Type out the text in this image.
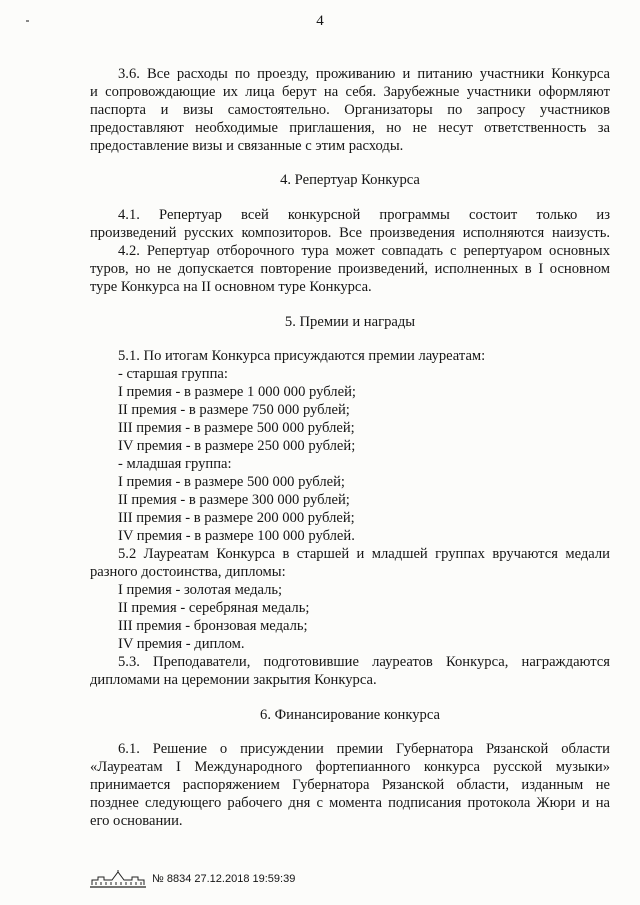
4

3.6. Все расходы по проезду, проживанию и питанию участники Конкурса

и сопровождающие их лица берут на себя. Зарубежные участники оформляют

паспорта и визы самостоятельно. Организаторы по запросу участников

предоставляют необходимые приглашения, но не несут ответственность за

предоставление визы и связанные с этим расходы.

4. Репертуар Конкурса

4.1. Репертуар всей конкурсной программы состоит только из

произведений русских композиторов. Все произведения исполняются наизусть.

4.2. Репертуар отборочного тура может совпадать с репертуаром основных

туров, но не допускается повторение произведений, исполненных в I основном

туре Конкурса на II основном туре Конкурса.

5. Премии и награды

5.1. По итогам Конкурса присуждаются премии лауреатам:

- старшая группа:

I премия - в размере 1 000 000 рублей;

II премия - в размере 750 000 рублей;

III премия - в размере 500 000 рублей;

IV премия - в размере 250 000 рублей;

- младшая группа:

I премия - в размере 500 000 рублей;

II премия - в размере 300 000 рублей;

III премия - в размере 200 000 рублей;

IV премия - в размере 100 000 рублей.

5.2 Лауреатам Конкурса в старшей и младшей группах вручаются медали

разного достоинства, дипломы:

I премия - золотая медаль;

II премия - серебряная медаль;

III премия - бронзовая медаль;

IV премия - диплом.

5.3. Преподаватели, подготовившие лауреатов Конкурса, награждаются

дипломами на церемонии закрытия Конкурса.

6. Финансирование конкурса

6.1. Решение о присуждении премии Губернатора Рязанской области

«Лауреатам I Международного фортепианного конкурса русской музыки»

принимается распоряжением Губернатора Рязанской области, изданным не

позднее следующего рабочего дня с момента подписания протокола Жюри и на

его основании.

№ 8834 27.12.2018 19:59:39
